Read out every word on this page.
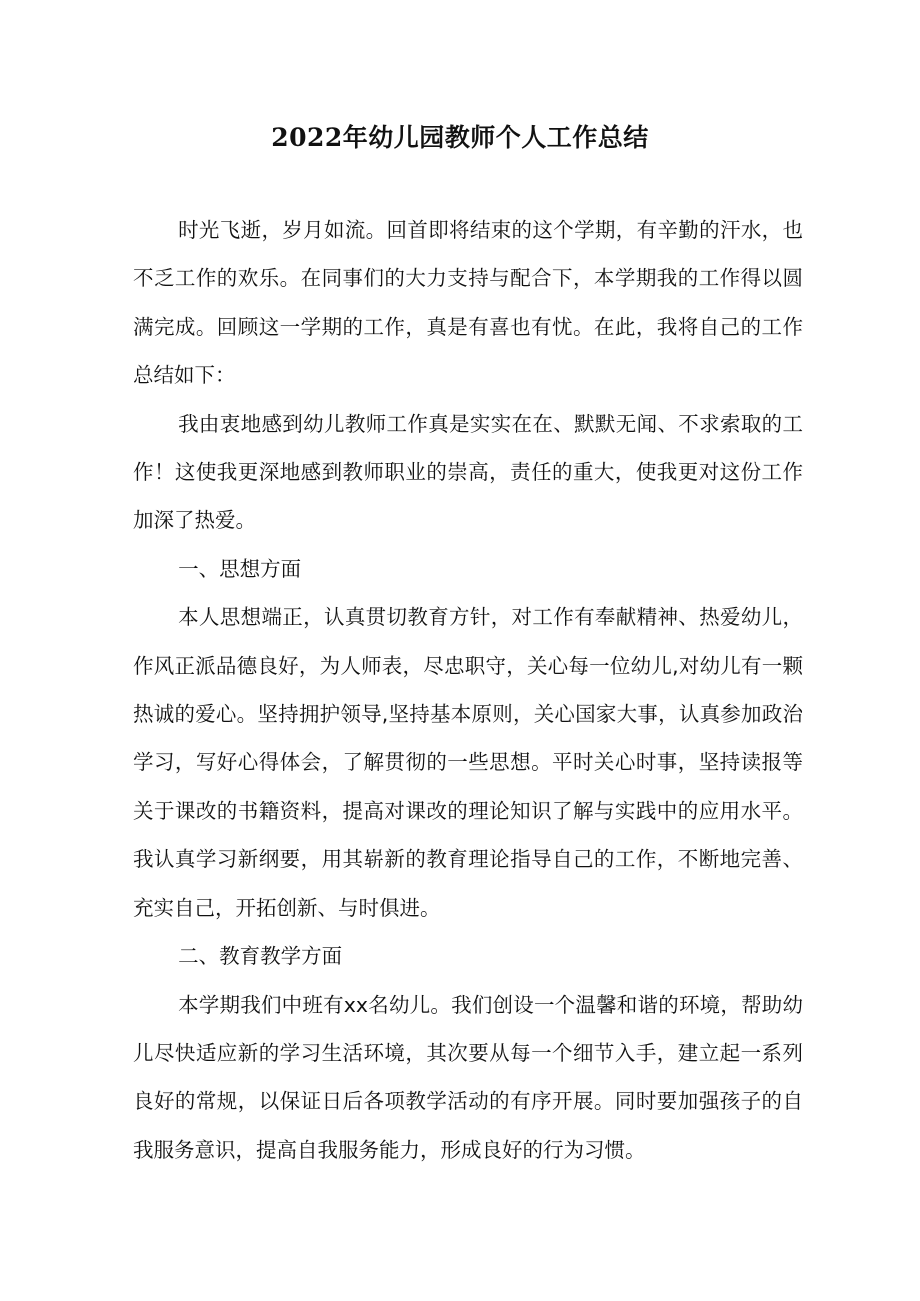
2022年幼儿园教师个人工作总结

时光飞逝，岁月如流。回首即将结束的这个学期，有辛勤的汗水，也不乏工作的欢乐。在同事们的大力支持与配合下，本学期我的工作得以圆满完成。回顾这一学期的工作，真是有喜也有忧。在此，我将自己的工作总结如下：

我由衷地感到幼儿教师工作真是实实在在、默默无闻、不求索取的工作！这使我更深地感到教师职业的崇高，责任的重大，使我更对这份工作加深了热爱。

一、思想方面

本人思想端正，认真贯切教育方针，对工作有奉献精神、热爱幼儿，作风正派品德良好，为人师表，尽忠职守，关心每一位幼儿,对幼儿有一颗热诚的爱心。坚持拥护领导,坚持基本原则，关心国家大事，认真参加政治学习，写好心得体会，了解贯彻的一些思想。平时关心时事，坚持读报等关于课改的书籍资料，提高对课改的理论知识了解与实践中的应用水平。我认真学习新纲要，用其崭新的教育理论指导自己的工作，不断地完善、充实自己，开拓创新、与时俱进。

二、教育教学方面

本学期我们中班有xx名幼儿。我们创设一个温馨和谐的环境，帮助幼儿尽快适应新的学习生活环境，其次要从每一个细节入手，建立起一系列良好的常规，以保证日后各项教学活动的有序开展。同时要加强孩子的自我服务意识，提高自我服务能力，形成良好的行为习惯。
